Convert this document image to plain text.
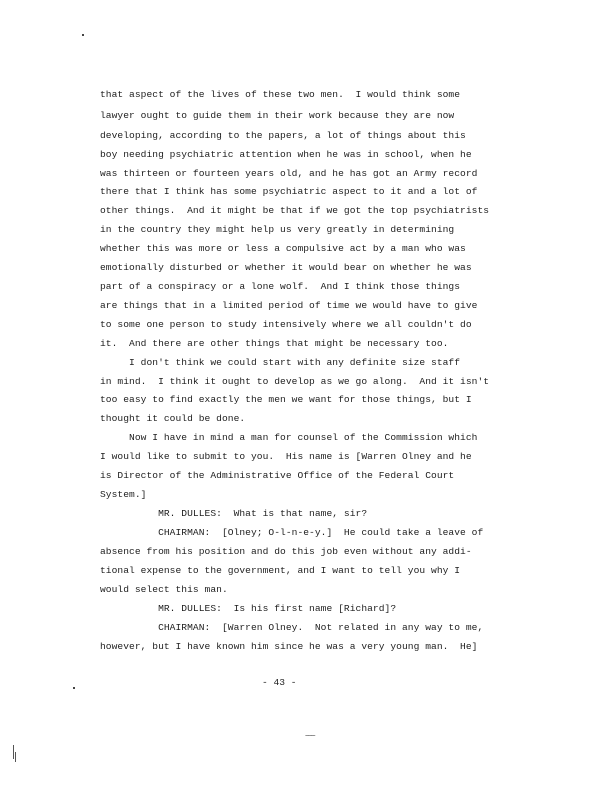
that aspect of the lives of these two men.  I would think some
lawyer ought to guide them in their work because they are now
developing, according to the papers, a lot of things about this
boy needing psychiatric attention when he was in school, when he
was thirteen or fourteen years old, and he has got an Army record
there that I think has some psychiatric aspect to it and a lot of
other things.  And it might be that if we got the top psychiatrists
in the country they might help us very greatly in determining
whether this was more or less a compulsive act by a man who was
emotionally disturbed or whether it would bear on whether he was
part of a conspiracy or a lone wolf.  And I think those things
are things that in a limited period of time we would have to give
to some one person to study intensively where we all couldn't do
it.  And there are other things that might be necessary too.
I don't think we could start with any definite size staff
in mind.  I think it ought to develop as we go along.  And it isn't
too easy to find exactly the men we want for those things, but I
thought it could be done.
Now I have in mind a man for counsel of the Commission which
I would like to submit to you.  His name is [Warren Olney and he
is Director of the Administrative Office of the Federal Court
System.]
MR. DULLES:  What is that name, sir?
CHAIRMAN:  [Olney; O-l-n-e-y.]  He could take a leave of
absence from his position and do this job even without any addi-
tional expense to the government, and I want to tell you why I
would select this man.
MR. DULLES:  Is his first name [Richard]?
CHAIRMAN:  [Warren Olney.  Not related in any way to me,
however, but I have known him since he was a very young man.  He]
- 43 -
~~~
